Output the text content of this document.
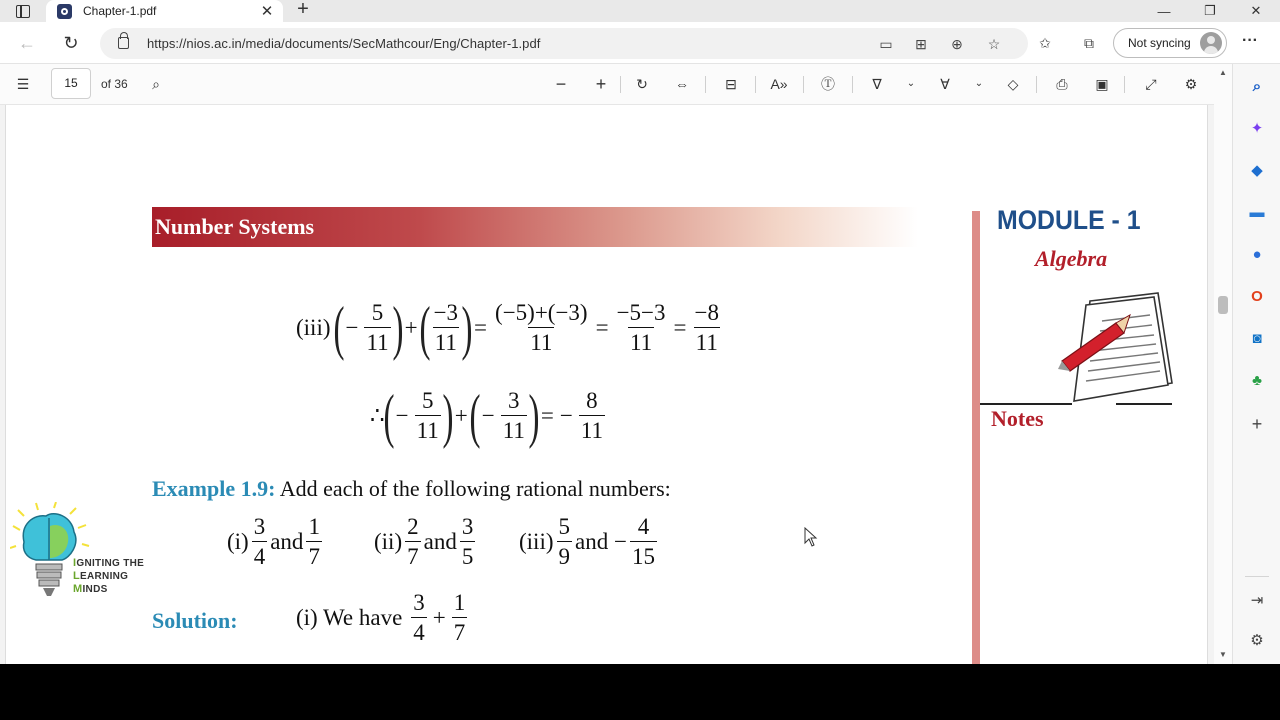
Chapter-1.pdf	✕ +	—	❐	✕
←	↻	https://nios.ac.in/media/documents/SecMathcour/Eng/Chapter-1.pdf	▭	⊞	⊕	☆	✩	⧉	Not syncing	···
☰	15	of 36	⌕	−	+	↻	⇔	⊟	A» Ⓣ	∇	⌄	∀	⌄	◇	⎙	▣	⤢	⚙
Number Systems	MODULE - 1
Algebra
Notes
(iii) ( − $\frac{5}{11}$ ) + ( $\frac{-3}{11}$ ) = $\frac{(-5)+(-3)}{11} = \frac{-5-3}{11} = \frac{-8}{11}$
∴
( − $\frac{5}{11}$ ) + ( − $\frac{3}{11}$ ) = − $\frac{8}{11}$
Example 1.9: Add each of the following rational numbers:
$(i) \frac{3}{4}$ and $\frac{1}{7} (ii) \frac{2}{7}$ and $\frac{3}{5} (iii) \frac{5}{9}$ and − $\frac{4}{15}$
Solution:	(i) We have $\frac{3}{4} + \frac{1}{7}$
IGNITING THE
LEARNING
MINDS
▲
▼
⌕
✦
◆
▬
●
O
◙
♣
+
⇥
⚙
